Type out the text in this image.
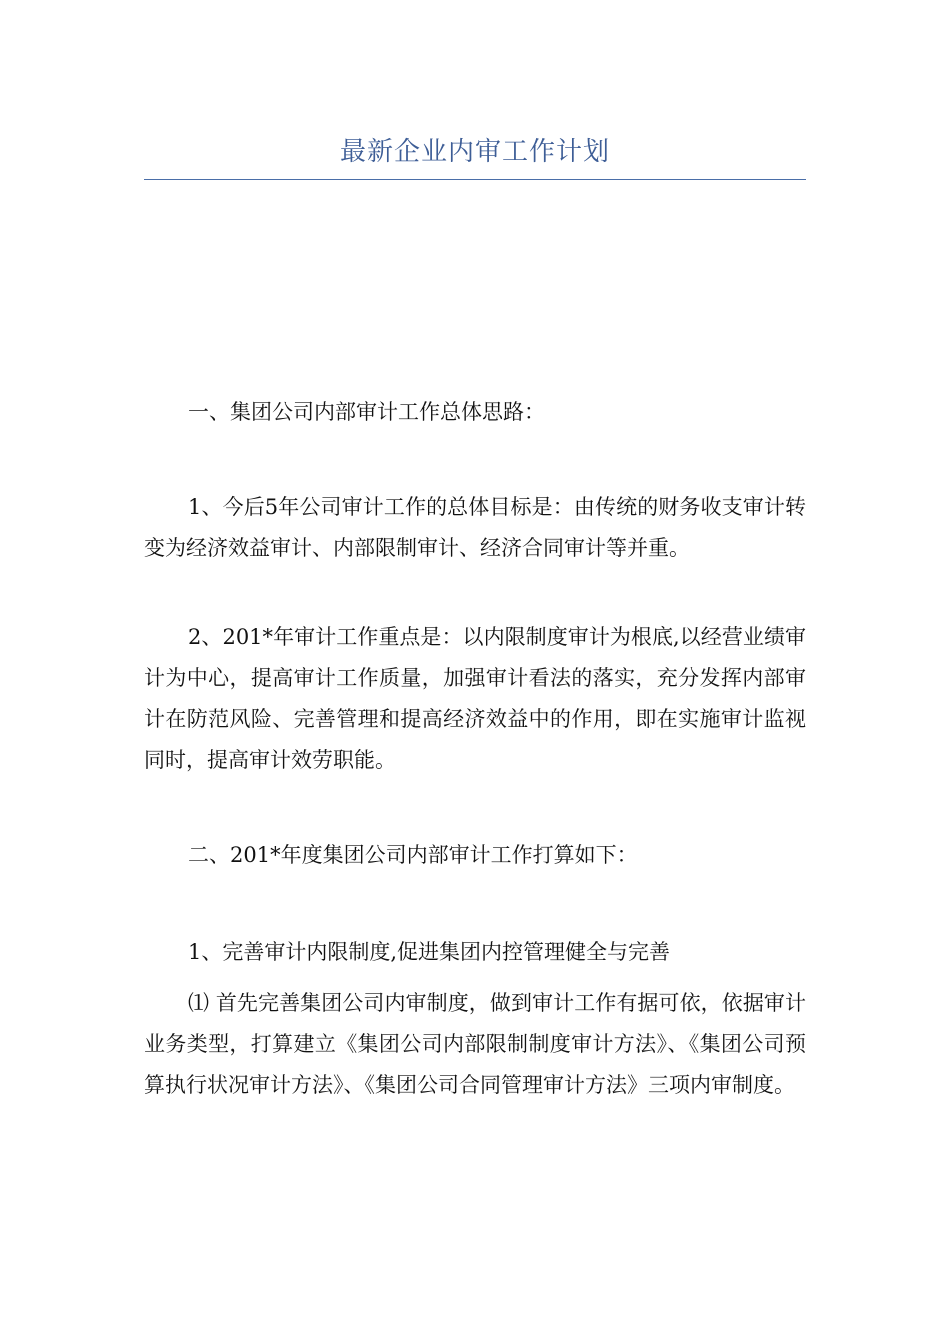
最新企业内审工作计划

一、集团公司内部审计工作总体思路：

1、今后5年公司审计工作的总体目标是：由传统的财务收支审计转变为经济效益审计、内部限制审计、经济合同审计等并重。

2、201*年审计工作重点是：以内限制度审计为根底,以经营业绩审计为中心，提高审计工作质量，加强审计看法的落实，充分发挥内部审计在防范风险、完善管理和提高经济效益中的作用，即在实施审计监视同时，提高审计效劳职能。

二、201*年度集团公司内部审计工作打算如下：

1、完善审计内限制度,促进集团内控管理健全与完善

⑴ 首先完善集团公司内审制度，做到审计工作有据可依，依据审计业务类型，打算建立《集团公司内部限制制度审计方法》、《集团公司预算执行状况审计方法》、《集团公司合同管理审计方法》三项内审制度。
